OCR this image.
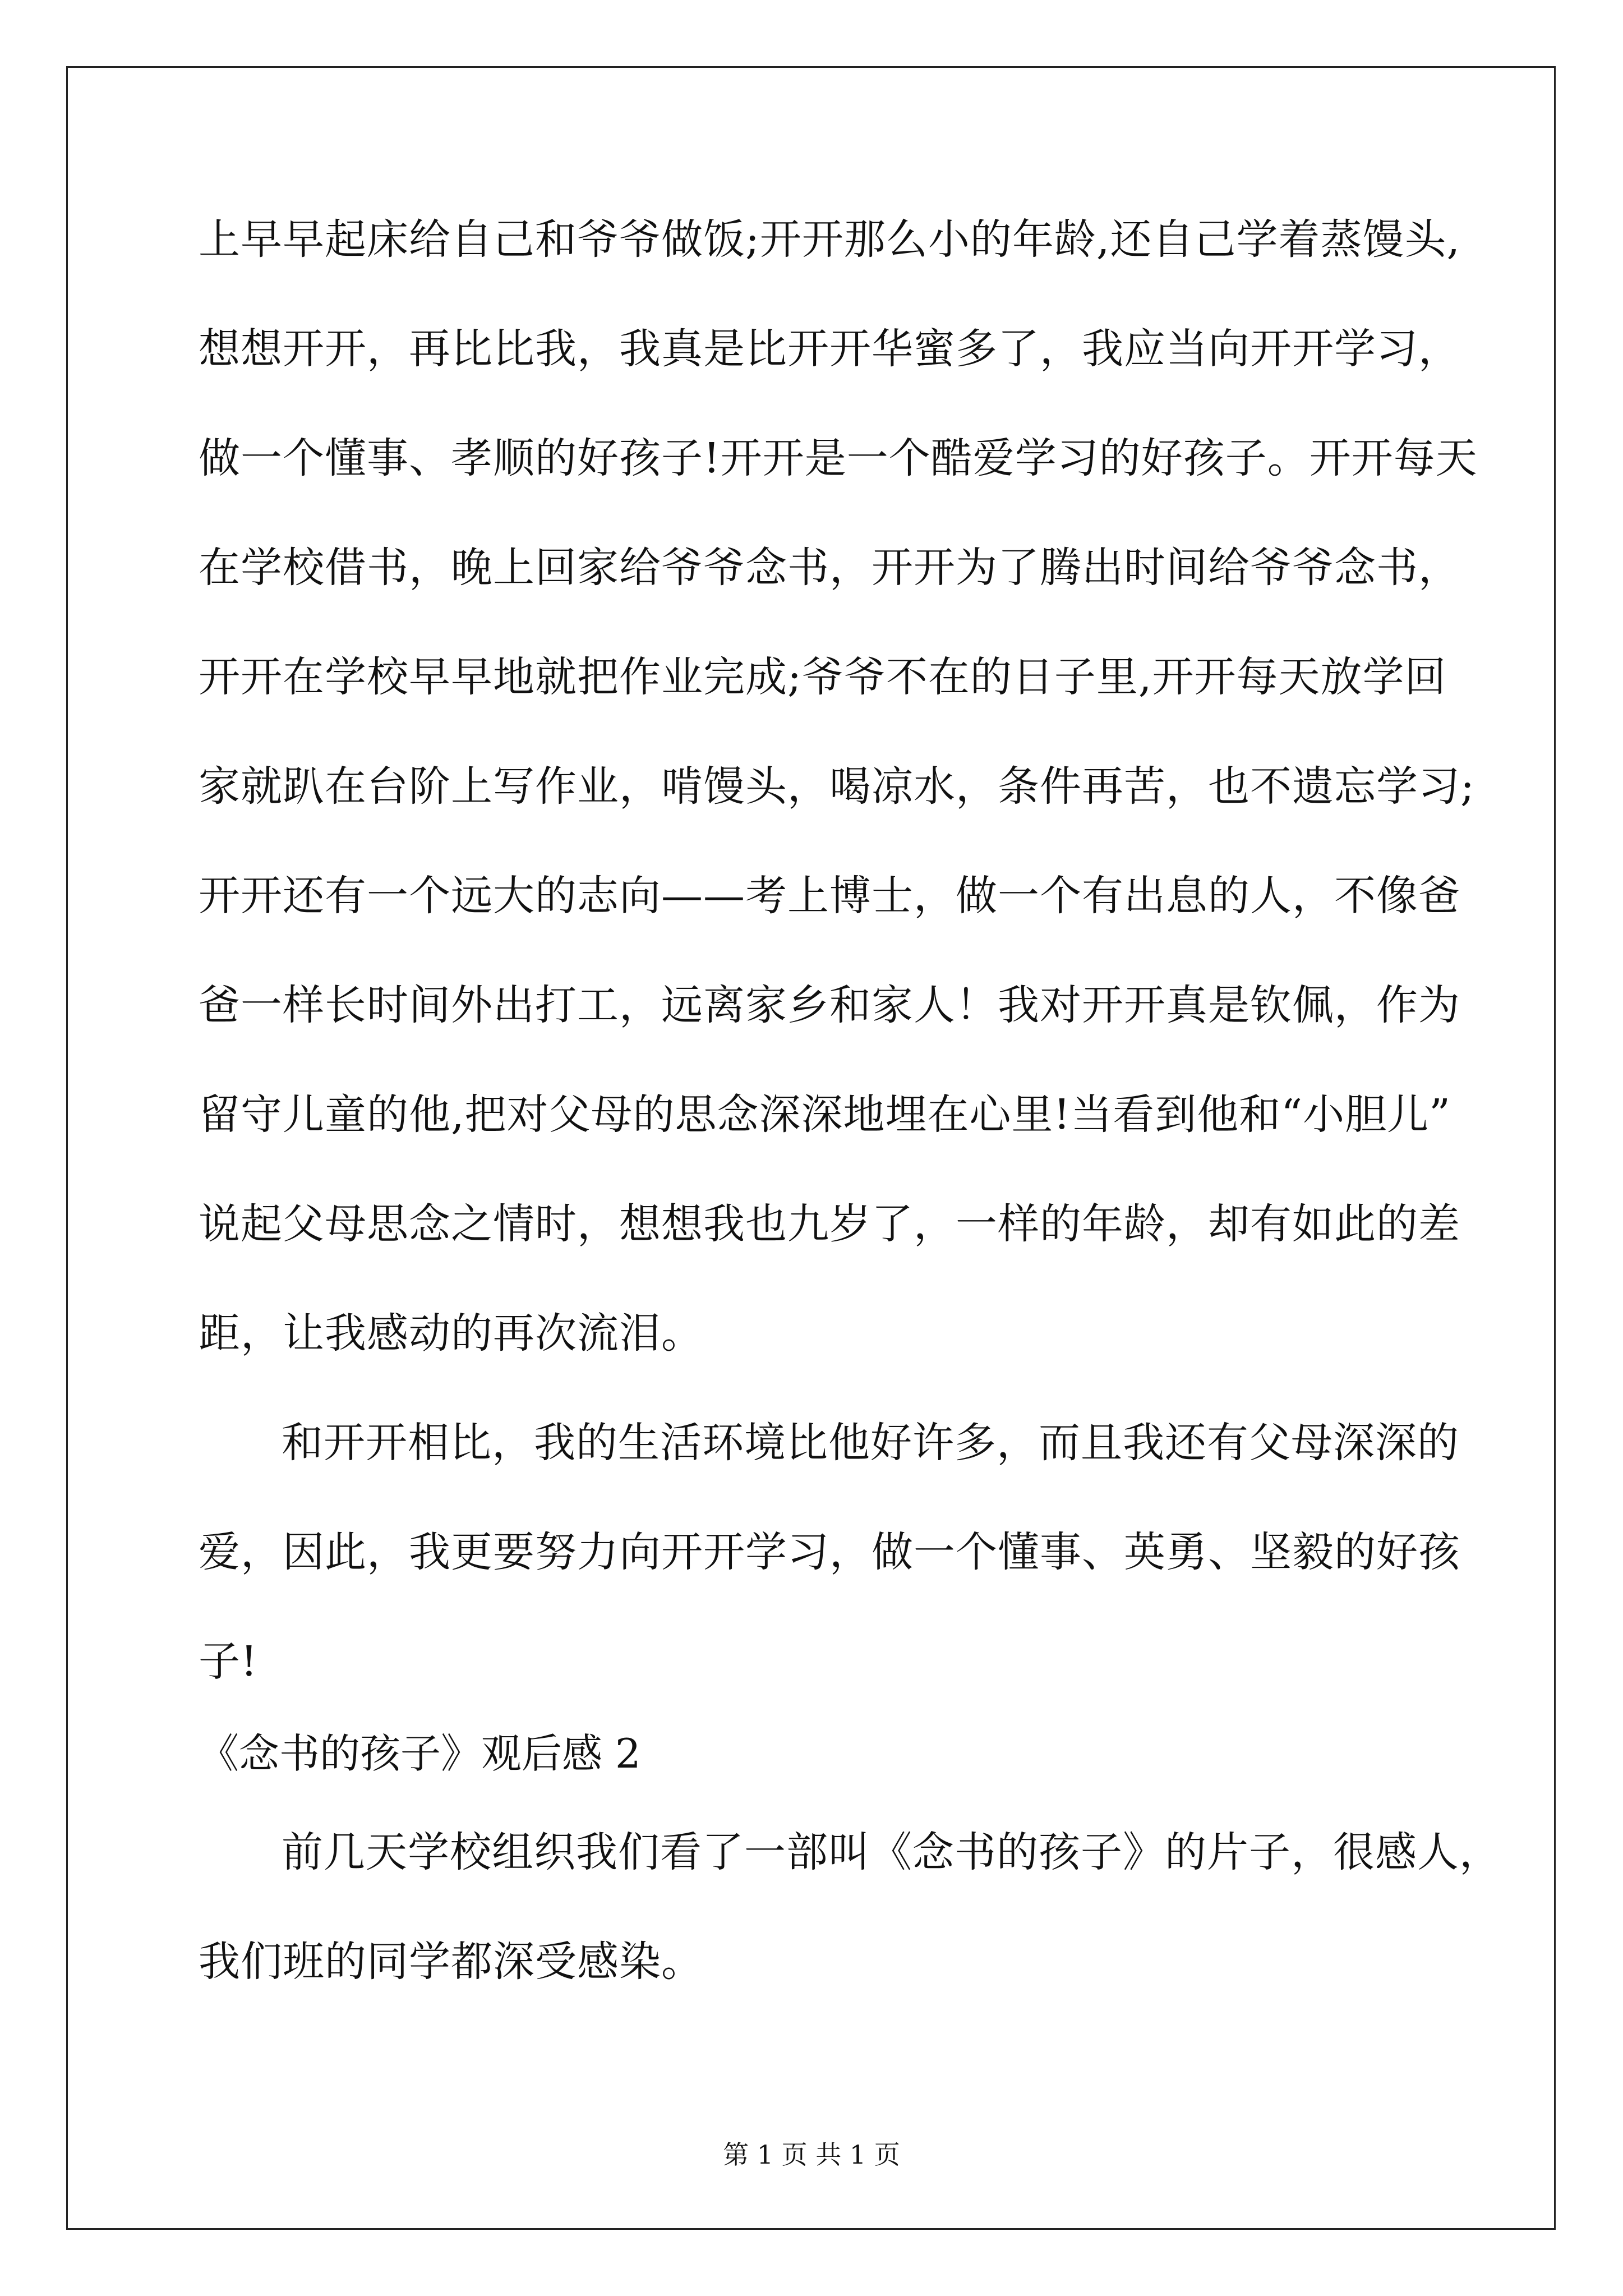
上早早起床给自己和爷爷做饭;开开那么小的年龄,还自己学着蒸馒头,
想想开开，再比比我，我真是比开开华蜜多了，我应当向开开学习，
做一个懂事、孝顺的好孩子!开开是一个酷爱学习的好孩子。开开每天
在学校借书，晚上回家给爷爷念书，开开为了腾出时间给爷爷念书，
开开在学校早早地就把作业完成;爷爷不在的日子里,开开每天放学回
家就趴在台阶上写作业，啃馒头，喝凉水，条件再苦，也不遗忘学习;
开开还有一个远大的志向——考上博士，做一个有出息的人，不像爸
爸一样长时间外出打工，远离家乡和家人！我对开开真是钦佩，作为
留守儿童的他,把对父母的思念深深地埋在心里!当看到他和“小胆儿”
说起父母思念之情时，想想我也九岁了，一样的年龄，却有如此的差
距，让我感动的再次流泪。
和开开相比，我的生活环境比他好许多，而且我还有父母深深的
爱，因此，我更要努力向开开学习，做一个懂事、英勇、坚毅的好孩
子!
《念书的孩子》观后感 2
前几天学校组织我们看了一部叫《念书的孩子》的片子，很感人，
我们班的同学都深受感染。
第 1 页 共 1 页
